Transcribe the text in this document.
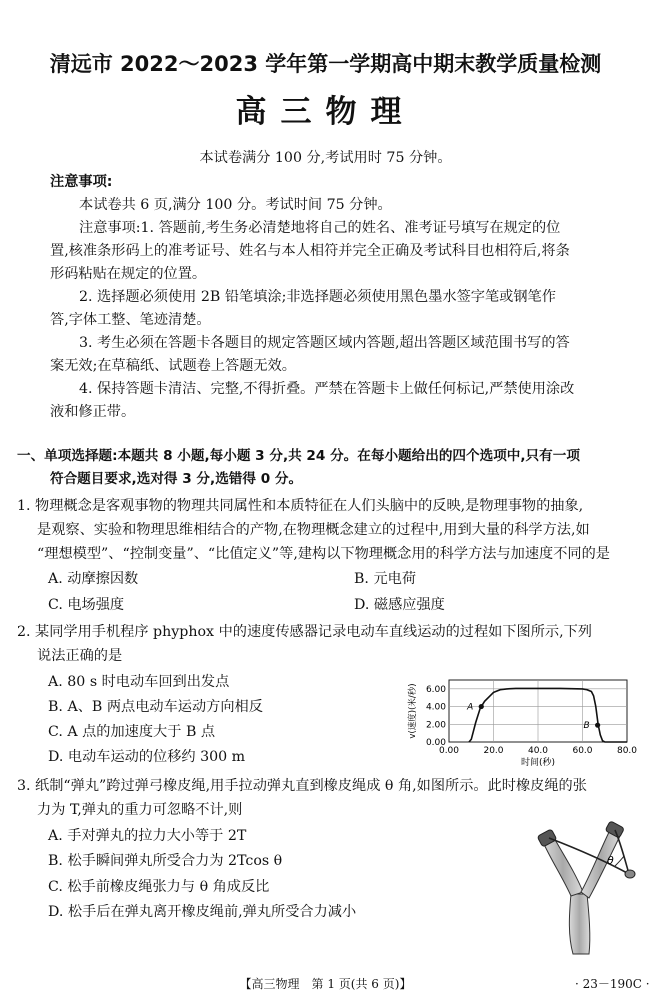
清远市 2022～2023 学年第一学期高中期末教学质量检测
高三物理
本试卷满分 100 分,考试用时 75 分钟。
注意事项:
本试卷共 6 页,满分 100 分。考试时间 75 分钟。
注意事项:1. 答题前,考生务必清楚地将自己的姓名、准考证号填写在规定的位
置,核准条形码上的准考证号、姓名与本人相符并完全正确及考试科目也相符后,将条
形码粘贴在规定的位置。
2. 选择题必须使用 2B 铅笔填涂;非选择题必须使用黑色墨水签字笔或钢笔作
答,字体工整、笔迹清楚。
3. 考生必须在答题卡各题目的规定答题区域内答题,超出答题区域范围书写的答
案无效;在草稿纸、试题卷上答题无效。
4. 保持答题卡清洁、完整,不得折叠。严禁在答题卡上做任何标记,严禁使用涂改
液和修正带。
一、单项选择题:本题共 8 小题,每小题 3 分,共 24 分。在每小题给出的四个选项中,只有一项
符合题目要求,选对得 3 分,选错得 0 分。
1. 物理概念是客观事物的物理共同属性和本质特征在人们头脑中的反映,是物理事物的抽象,
是观察、实验和物理思维相结合的产物,在物理概念建立的过程中,用到大量的科学方法,如
“理想模型”、“控制变量”、“比值定义”等,建构以下物理概念用的科学方法与加速度不同的是
A. 动摩擦因数	B. 元电荷
C. 电场强度	D. 磁感应强度
2. 某同学用手机程序 phyphox 中的速度传感器记录电动车直线运动的过程如下图所示,下列
说法正确的是
A. 80 s 时电动车回到出发点
B. A、B 两点电动车运动方向相反
C. A 点的加速度大于 B 点
D. 电动车运动的位移约 300 m
0.00
2.00
4.00
6.00
0.00	20.0	40.0	60.0	80.0
A
B
时间(秒)
v(速度)(米/秒)
3. 纸制“弹丸”跨过弹弓橡皮绳,用手拉动弹丸直到橡皮绳成 θ 角,如图所示。此时橡皮绳的张
力为 T,弹丸的重力可忽略不计,则
A. 手对弹丸的拉力大小等于 2T
B. 松手瞬间弹丸所受合力为 2Tcos θ
C. 松手前橡皮绳张力与 θ 角成反比
D. 松手后在弹丸离开橡皮绳前,弹丸所受合力减小
θ
【高三物理　第 1 页(共 6 页)】	· 23－190C ·
